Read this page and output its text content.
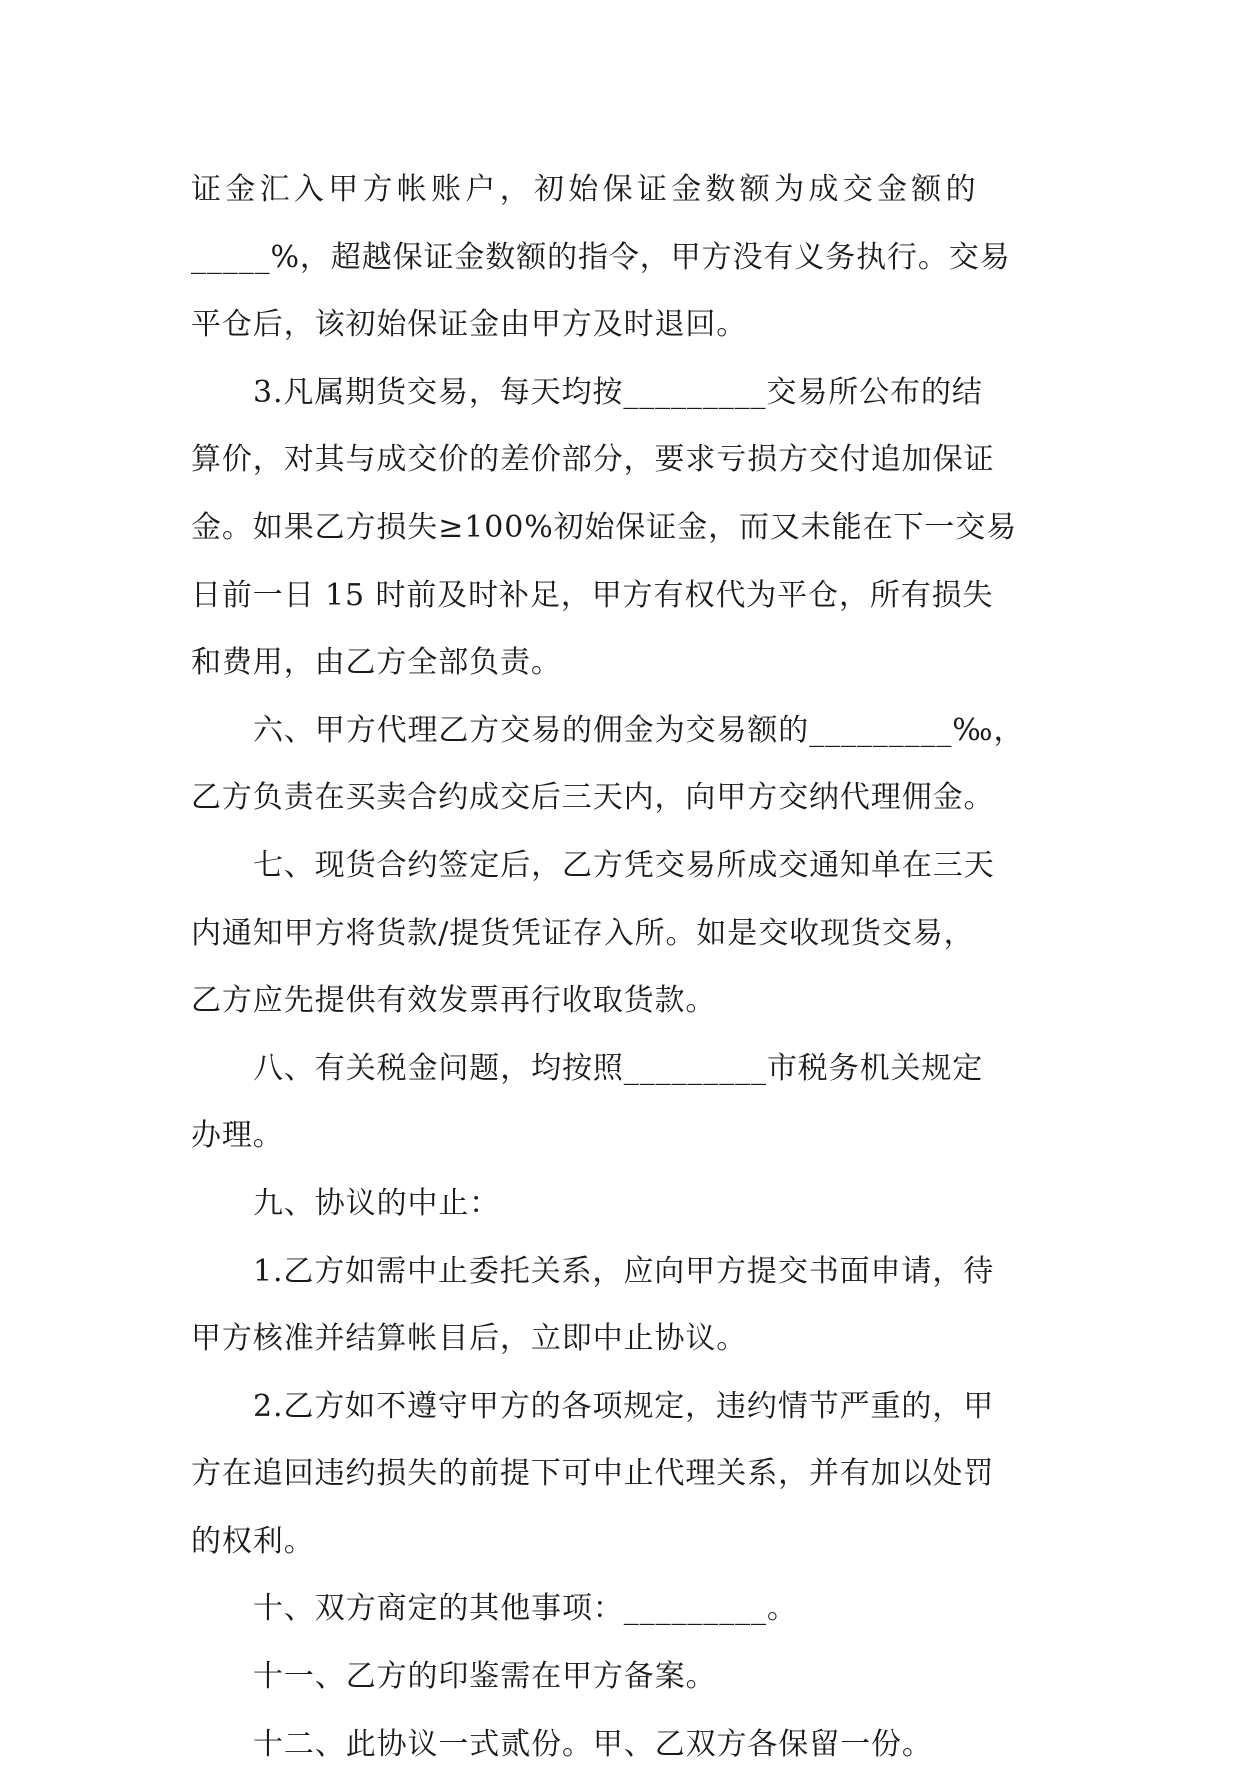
证金汇入甲方帐账户，初始保证金数额为成交金额的
_____%，超越保证金数额的指令，甲方没有义务执行。交易
平仓后，该初始保证金由甲方及时退回。
3.凡属期货交易，每天均按_________交易所公布的结
算价，对其与成交价的差价部分，要求亏损方交付追加保证
金。如果乙方损失≥100%初始保证金，而又未能在下一交易
日前一日 15 时前及时补足，甲方有权代为平仓，所有损失
和费用，由乙方全部负责。
六、甲方代理乙方交易的佣金为交易额的_________‰，
乙方负责在买卖合约成交后三天内，向甲方交纳代理佣金。
七、现货合约签定后，乙方凭交易所成交通知单在三天
内通知甲方将货款/提货凭证存入所。如是交收现货交易，
乙方应先提供有效发票再行收取货款。
八、有关税金问题，均按照_________市税务机关规定
办理。
九、协议的中止：
1.乙方如需中止委托关系，应向甲方提交书面申请，待
甲方核准并结算帐目后，立即中止协议。
2.乙方如不遵守甲方的各项规定，违约情节严重的，甲
方在追回违约损失的前提下可中止代理关系，并有加以处罚
的权利。
十、双方商定的其他事项：_________。
十一、乙方的印鉴需在甲方备案。
十二、此协议一式贰份。甲、乙双方各保留一份。
